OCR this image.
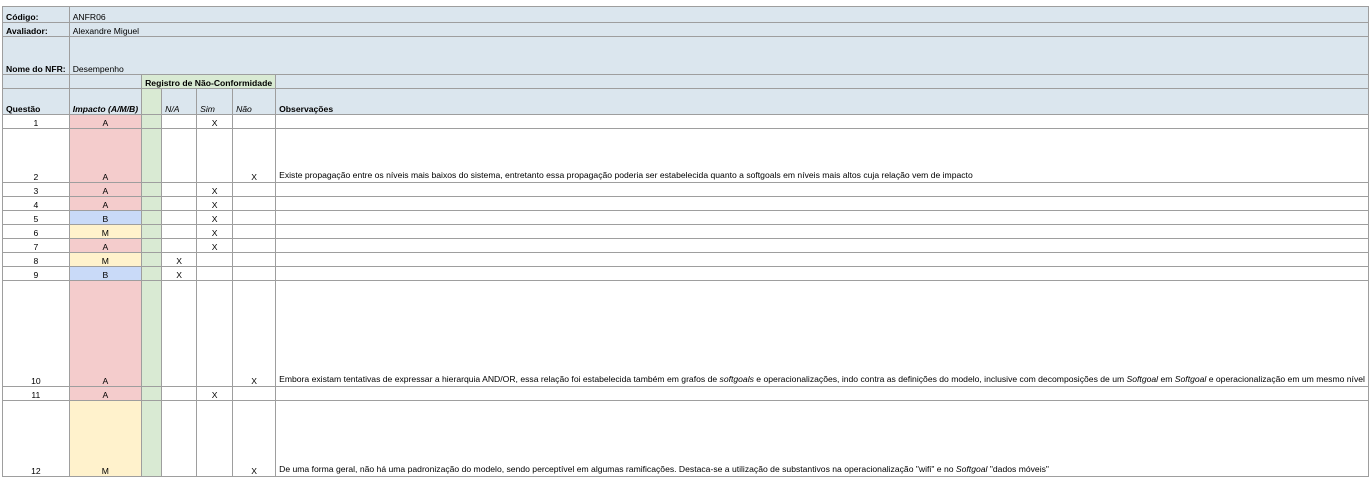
Código:	ANFR06					
Avaliador:	Alexandre Miguel					
Nome do NFR:	Desempenho					
		Registro de Não-Conformidade				
Questão	Impacto (A/M/B)		N/A	Sim	Não	Observações
1	A			X		
2	A				X	Existe propagação entre os níveis mais baixos do sistema, entretanto essa propagação poderia ser estabelecida quanto a softgoals em níveis mais altos cuja relação vem de impacto
3	A			X		
4	A			X		
5	B			X		
6	M			X		
7	A			X		
8	M		X			
9	B		X			
10	A				X	Embora existam tentativas de expressar a hierarquia AND/OR, essa relação foi estabelecida também em grafos de softgoals e operacionalizações, indo contra as definições do modelo, inclusive com decomposições de um Softgoal em Softgoal e operacionalização em um mesmo nível
11	A			X		
12	M				X	De uma forma geral, não há uma padronização do modelo, sendo perceptível em algumas ramificações. Destaca-se a utilização de substantivos na operacionalização "wifi" e no Softgoal "dados móveis"
